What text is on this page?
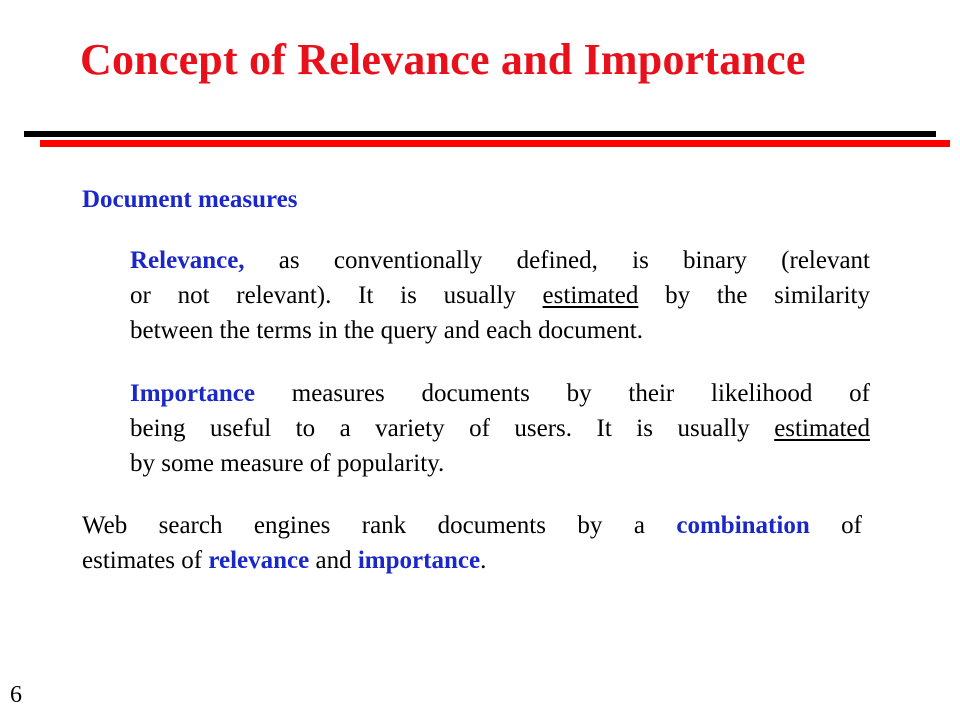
Concept of Relevance and Importance
Document measures
Relevance, as conventionally defined, is binary (relevant
or not relevant). It is usually estimated by the similarity
between the terms in the query and each document.
Importance measures documents by their likelihood of
being useful to a variety of users. It is usually estimated
by some measure of popularity.
Web search engines rank documents by a combination of
estimates of relevance and importance.
6
